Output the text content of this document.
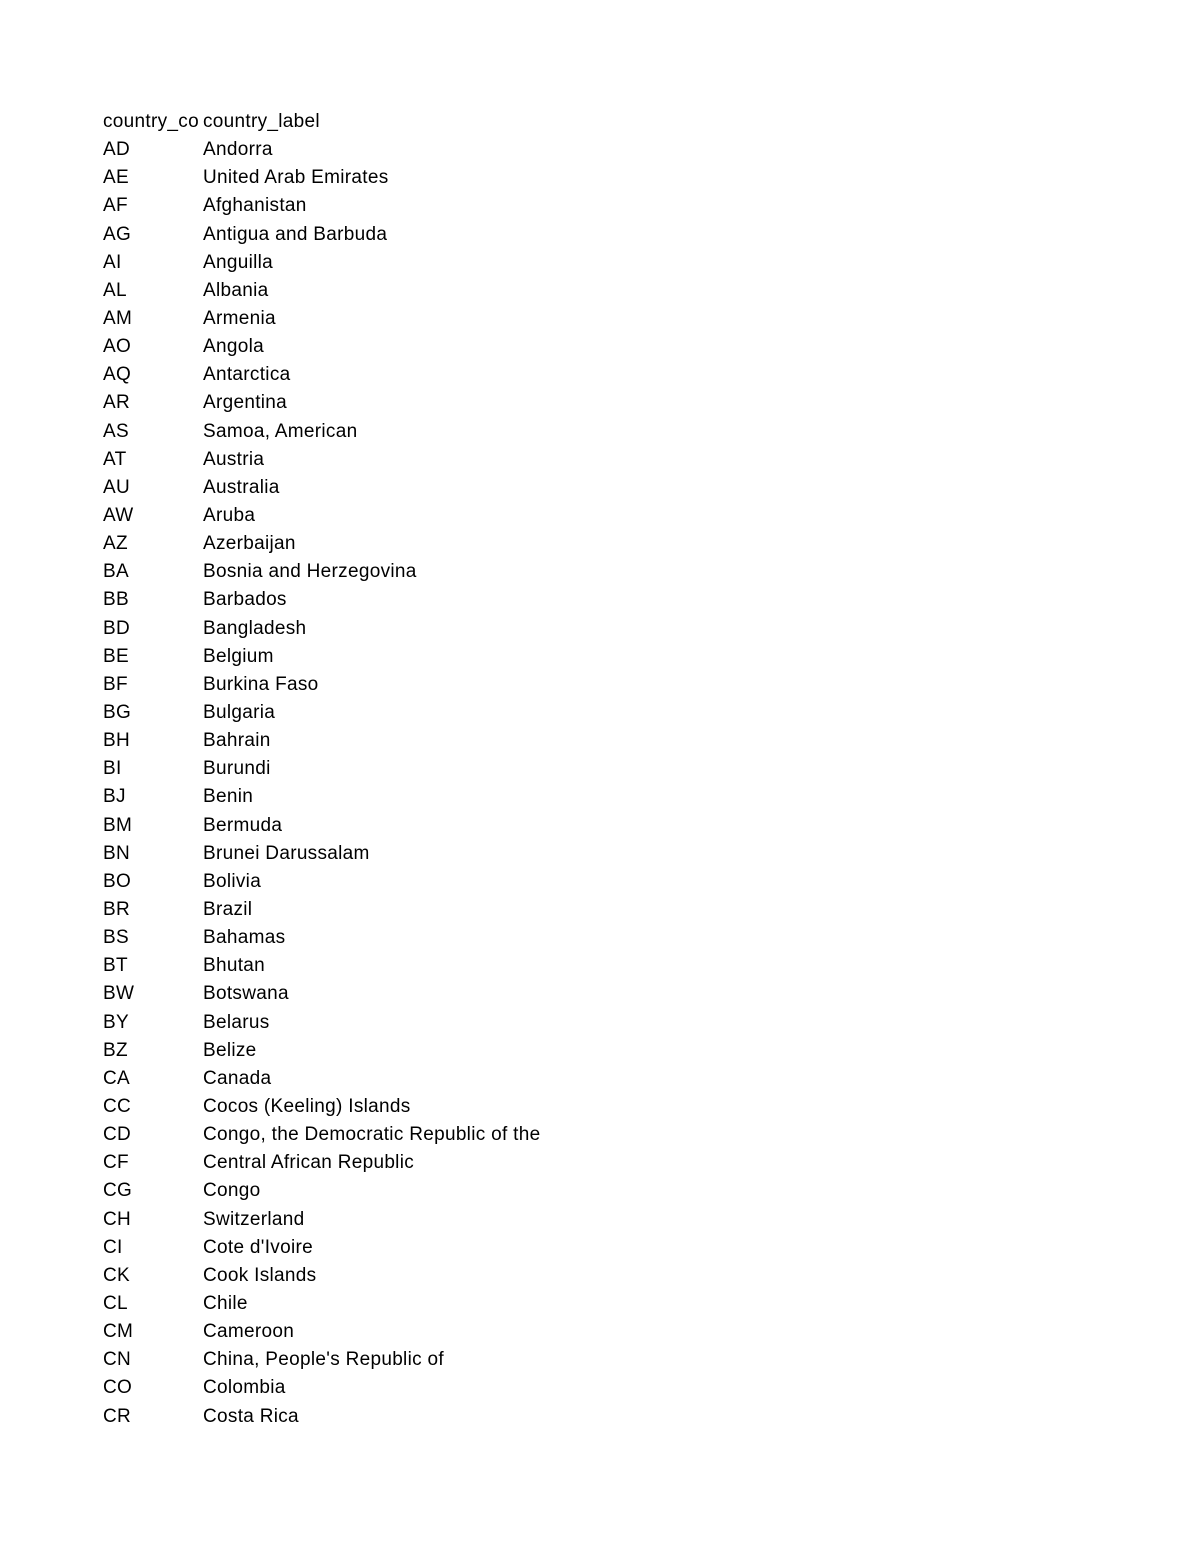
country_co country_label
AD	Andorra
AE	United Arab Emirates
AF	Afghanistan
AG	Antigua and Barbuda
AI	Anguilla
AL	Albania
AM	Armenia
AO	Angola
AQ	Antarctica
AR	Argentina
AS	Samoa, American
AT	Austria
AU	Australia
AW	Aruba
AZ	Azerbaijan
BA	Bosnia and Herzegovina
BB	Barbados
BD	Bangladesh
BE	Belgium
BF	Burkina Faso
BG	Bulgaria
BH	Bahrain
BI	Burundi
BJ	Benin
BM	Bermuda
BN	Brunei Darussalam
BO	Bolivia
BR	Brazil
BS	Bahamas
BT	Bhutan
BW	Botswana
BY	Belarus
BZ	Belize
CA	Canada
CC	Cocos (Keeling) Islands
CD	Congo, the Democratic Republic of the
CF	Central African Republic
CG	Congo
CH	Switzerland
CI	Cote d'Ivoire
CK	Cook Islands
CL	Chile
CM	Cameroon
CN	China, People's Republic of
CO	Colombia
CR	Costa Rica
